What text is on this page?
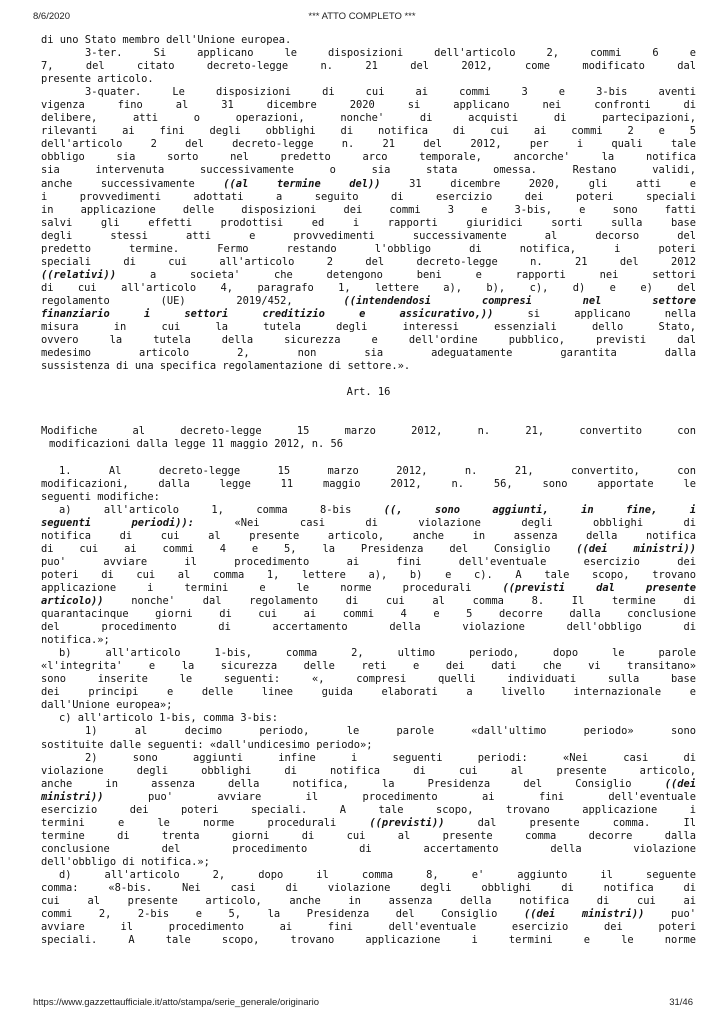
8/6/2020	*** ATTO COMPLETO ***
di uno Stato membro dell'Unione europea.
3-ter. Si applicano le disposizioni dell'articolo 2, commi 6 e
7, del citato decreto-legge n. 21 del 2012, come modificato dal
presente articolo.
3-quater. Le disposizioni di cui ai commi 3 e 3-bis aventi
vigenza fino al 31 dicembre 2020 si applicano nei confronti di
delibere, atti o operazioni, nonche' di acquisti di partecipazioni,
rilevanti ai fini degli obblighi di notifica di cui ai commi 2 e 5
dell'articolo 2 del decreto-legge n. 21 del 2012, per i quali tale
obbligo sia sorto nel predetto arco temporale, ancorche' la notifica
sia intervenuta successivamente o sia stata omessa. Restano validi,
anche successivamente	((al termine del))	31 dicembre 2020, gli atti e
i provvedimenti adottati a seguito di esercizio dei poteri speciali
in applicazione delle disposizioni dei commi 3 e 3-bis, e sono fatti
salvi gli effetti prodottisi ed i rapporti giuridici sorti sulla base
degli stessi atti e provvedimenti successivamente al decorso del
predetto termine. Fermo restando l'obbligo di notifica, i poteri
speciali di cui all'articolo 2 del decreto-legge n. 21 del 2012
((relativi))	a societa' che detengono beni e rapporti nei settori
di cui all'articolo 4, paragrafo 1, lettere a), b), c), d) e e) del
regolamento (UE) 2019/452,	((intendendosi compresi nel settore
finanziario i settori creditizio e assicurativo,))	si applicano nella
misura in cui la tutela degli interessi essenziali dello Stato,
ovvero la tutela della sicurezza e dell'ordine pubblico, previsti dal
medesimo articolo 2, non sia adeguatamente garantita dalla
sussistenza di una specifica regolamentazione di settore.».
Art. 16
Modifiche al decreto-legge 15 marzo 2012, n. 21, convertito con
modificazioni dalla legge 11 maggio 2012, n. 56
1. Al decreto-legge 15 marzo 2012, n. 21, convertito, con
modificazioni, dalla legge 11 maggio 2012, n. 56, sono apportate le
seguenti modifiche:
a) all'articolo 1, comma 8-bis	((, sono aggiunti, in fine, i
seguenti periodi)):	«Nei casi di violazione degli obblighi di
notifica di cui al presente articolo, anche in assenza della notifica
di cui ai commi 4 e 5, la Presidenza del Consiglio ((dei ministri))
puo' avviare il procedimento ai fini dell'eventuale esercizio dei
poteri di cui al comma 1, lettere a), b) e c). A tale scopo, trovano
applicazione i termini e le norme procedurali	((previsti dal presente
articolo))	nonche' dal regolamento di cui al comma 8. Il termine di
quarantacinque giorni di cui ai commi 4 e 5 decorre dalla conclusione
del procedimento di accertamento della violazione dell'obbligo di
notifica.»;
b) all'articolo 1-bis, comma 2, ultimo periodo, dopo le parole
«l'integrita' e la sicurezza delle reti e dei dati che vi transitano»
sono inserite le seguenti: «, compresi quelli individuati sulla base
dei principi e delle linee guida elaborati a livello internazionale e
dall'Unione europea»;
c) all'articolo 1-bis, comma 3-bis:
1) al decimo periodo, le parole «dall'ultimo periodo» sono
sostituite dalle seguenti: «dall'undicesimo periodo»;
2) sono aggiunti infine i seguenti periodi: «Nei casi di
violazione degli obblighi di notifica di cui al presente articolo,
anche in assenza della notifica, la Presidenza del Consiglio	((dei
ministri))	puo' avviare il procedimento ai fini dell'eventuale
esercizio dei poteri speciali. A tale scopo, trovano applicazione i
termini e le norme procedurali	((previsti))	dal presente comma. Il
termine di trenta giorni di cui al presente comma decorre dalla
conclusione del procedimento di accertamento della violazione
dell'obbligo di notifica.»;
d) all'articolo 2, dopo il comma 8, e' aggiunto il seguente
comma: «8-bis. Nei casi di violazione degli obblighi di notifica di
cui al presente articolo, anche in assenza della notifica di cui ai
commi 2, 2-bis e 5, la Presidenza del Consiglio	((dei ministri))	puo'
avviare il procedimento ai fini dell'eventuale esercizio dei poteri
speciali. A tale scopo, trovano applicazione i termini e le norme
https://www.gazzettaufficiale.it/atto/stampa/serie_generale/originario	31/46
